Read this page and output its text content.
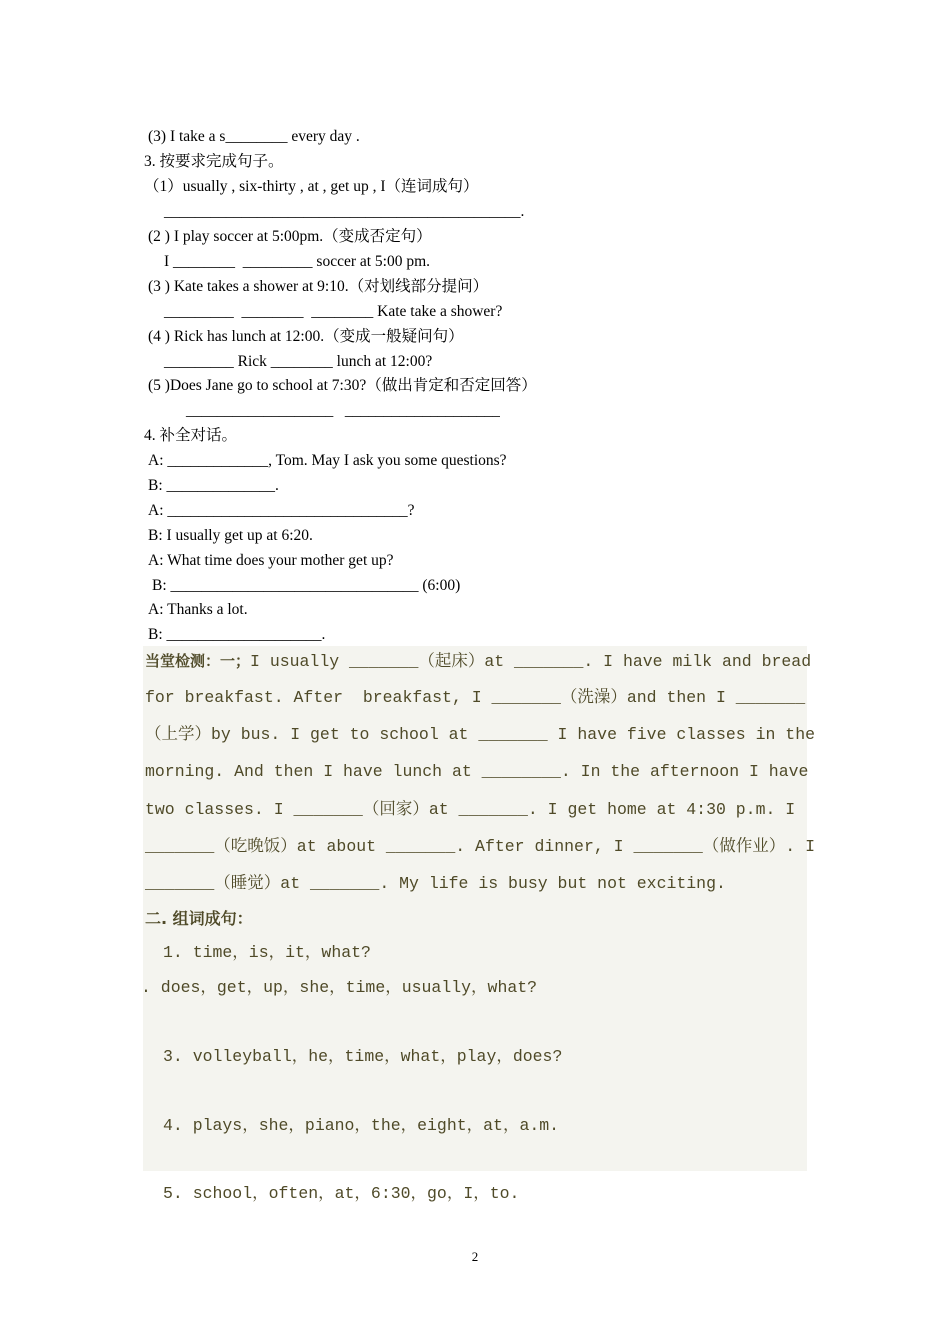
(3) I take a s________ every day .
3. 按要求完成句子。
（1）usually , six-thirty , at , get up , I（连词成句）
______________________________________________.
(2 ) I play soccer at 5:00pm.（变成否定句）
I ________  _________ soccer at 5:00 pm.
(3 ) Kate takes a shower at 9:10.（对划线部分提问）
_________  ________  ________ Kate take a shower?
(4 ) Rick has lunch at 12:00.（变成一般疑问句）
_________ Rick ________ lunch at 12:00?
(5 )Does Jane go to school at 7:30?（做出肯定和否定回答）
___________________   ____________________
4. 补全对话。
A: _____________, Tom. May I ask you some questions?
B: ______________.
A: _______________________________?
B: I usually get up at 6:20.
A: What time does your mother get up?
B: ________________________________ (6:00)
A: Thanks a lot.
B: ____________________.
当堂检测：一；I usually _______（起床）at _______. I have milk and bread
for breakfast. After  breakfast, I _______（洗澡）and then I _______
（上学）by bus. I get to school at _______ I have five classes in the
morning. And then I have lunch at ________. In the afternoon I have
two classes. I _______（回家）at _______. I get home at 4:30 p.m. I
_______（吃晚饭）at about _______. After dinner, I _______（做作业）. I
_______（睡觉）at _______. My life is busy but not exciting.
二. 组词成句：
1. time，is，it，what?
. does，get，up，she，time，usually，what?
3. volleyball，he，time，what，play，does?
4. plays，she，piano，the，eight，at，a.m.
5. school，often，at，6:30，go，I，to.
2
